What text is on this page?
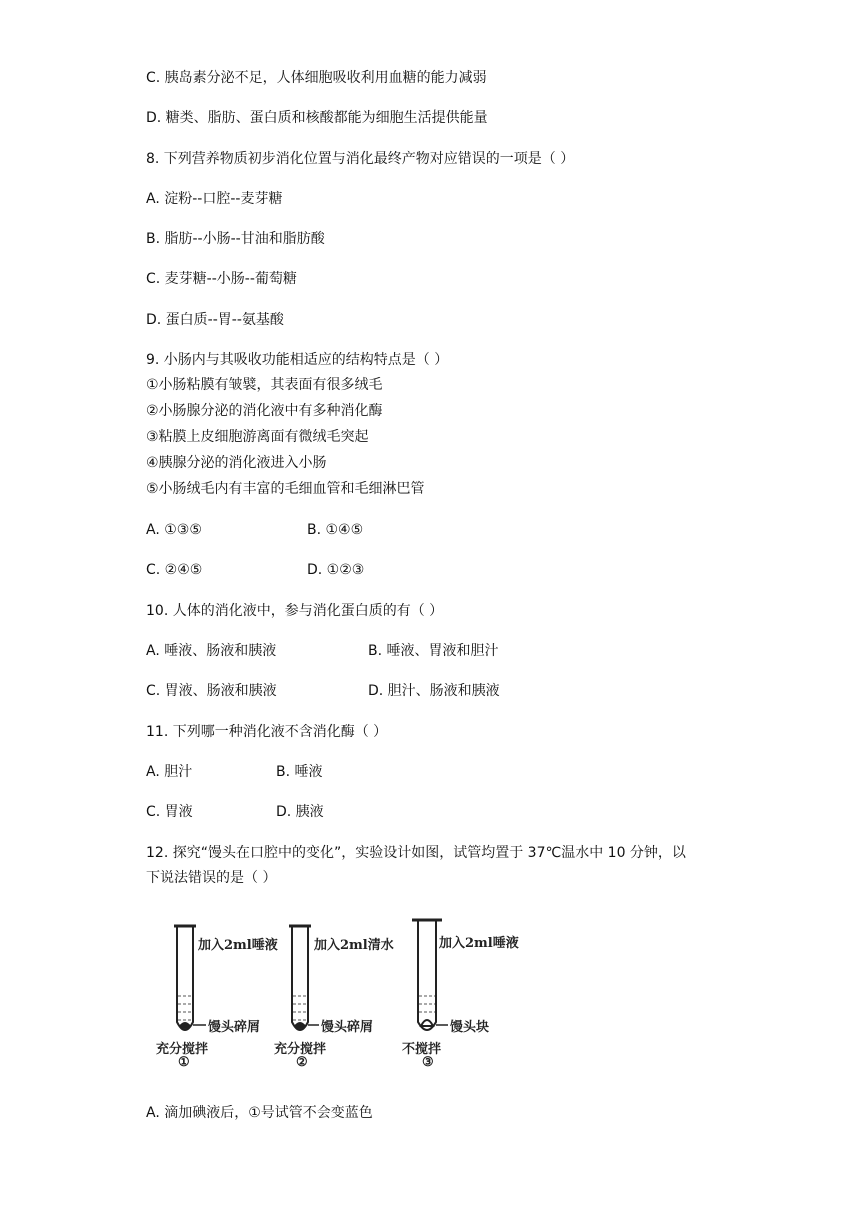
C. 胰岛素分泌不足，人体细胞吸收利用血糖的能力减弱
D. 糖类、脂肪、蛋白质和核酸都能为细胞生活提供能量
8. 下列营养物质初步消化位置与消化最终产物对应错误的一项是（ ）
A. 淀粉--口腔--麦芽糖
B. 脂肪--小肠--甘油和脂肪酸
C. 麦芽糖--小肠--葡萄糖
D. 蛋白质--胃--氨基酸
9. 小肠内与其吸收功能相适应的结构特点是（ ）
①小肠粘膜有皱襞，其表面有很多绒毛
②小肠腺分泌的消化液中有多种消化酶
③粘膜上皮细胞游离面有微绒毛突起
④胰腺分泌的消化液进入小肠
⑤小肠绒毛内有丰富的毛细血管和毛细淋巴管
A. ①③⑤	B. ①④⑤
C. ②④⑤	D. ①②③
10. 人体的消化液中，参与消化蛋白质的有（ ）
A. 唾液、肠液和胰液	B. 唾液、胃液和胆汁
C. 胃液、肠液和胰液	D. 胆汁、肠液和胰液
11. 下列哪一种消化液不含消化酶（ ）
A. 胆汁	B. 唾液
C. 胃液	D. 胰液
12. 探究“馒头在口腔中的变化”，实验设计如图，试管均置于 37℃温水中 10 分钟，以
下说法错误的是（ ）
加入2ml唾液	加入2ml清水	加入2ml唾液
馒头碎屑	馒头碎屑	馒头块
充分搅拌	充分搅拌	不搅拌
①	②	③
A. 滴加碘液后，①号试管不会变蓝色
